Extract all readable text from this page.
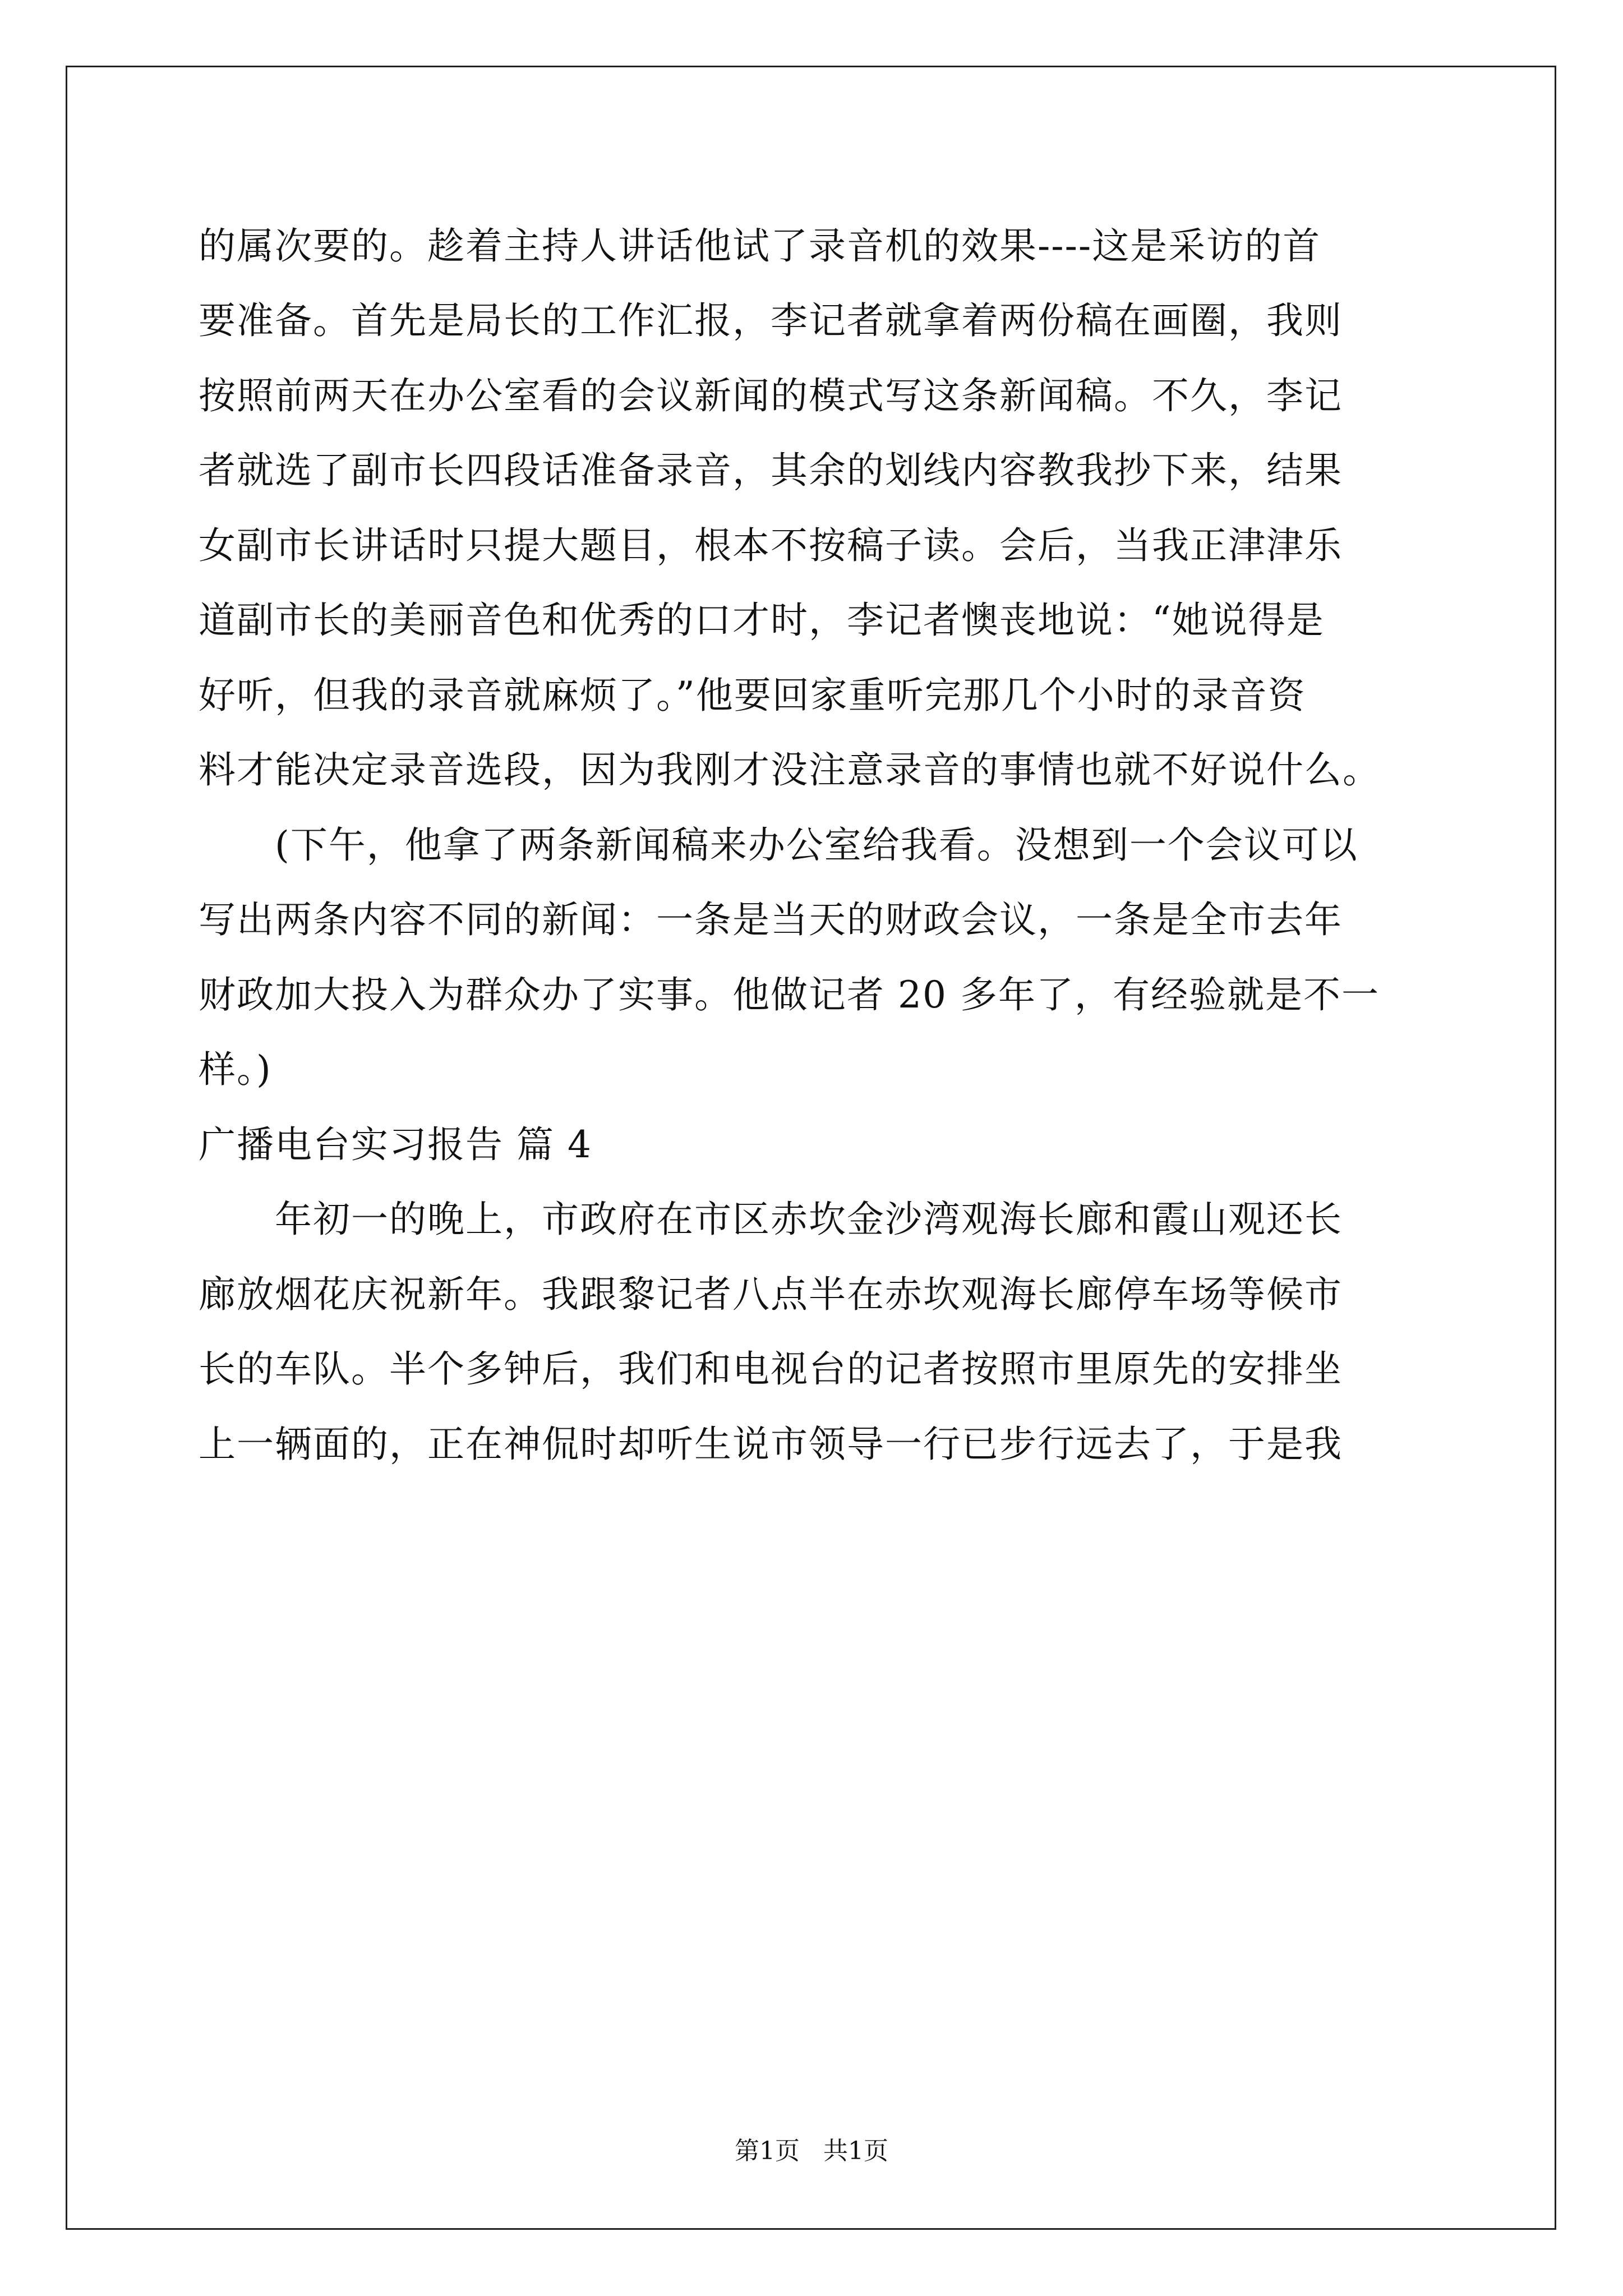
的属次要的。趁着主持人讲话他试了录音机的效果----这是采访的首
要准备。首先是局长的工作汇报，李记者就拿着两份稿在画圈，我则
按照前两天在办公室看的会议新闻的模式写这条新闻稿。不久，李记
者就选了副市长四段话准备录音，其余的划线内容教我抄下来，结果
女副市长讲话时只提大题目，根本不按稿子读。会后，当我正津津乐
道副市长的美丽音色和优秀的口才时，李记者懊丧地说：“她说得是
好听，但我的录音就麻烦了。”他要回家重听完那几个小时的录音资
料才能决定录音选段，因为我刚才没注意录音的事情也就不好说什么。
(下午，他拿了两条新闻稿来办公室给我看。没想到一个会议可以
写出两条内容不同的新闻：一条是当天的财政会议，一条是全市去年
财政加大投入为群众办了实事。他做记者 20 多年了，有经验就是不一
样。)
广播电台实习报告 篇 4
年初一的晚上，市政府在市区赤坎金沙湾观海长廊和霞山观还长
廊放烟花庆祝新年。我跟黎记者八点半在赤坎观海长廊停车场等候市
长的车队。半个多钟后，我们和电视台的记者按照市里原先的安排坐
上一辆面的，正在神侃时却听生说市领导一行已步行远去了，于是我
第1页   共1页
